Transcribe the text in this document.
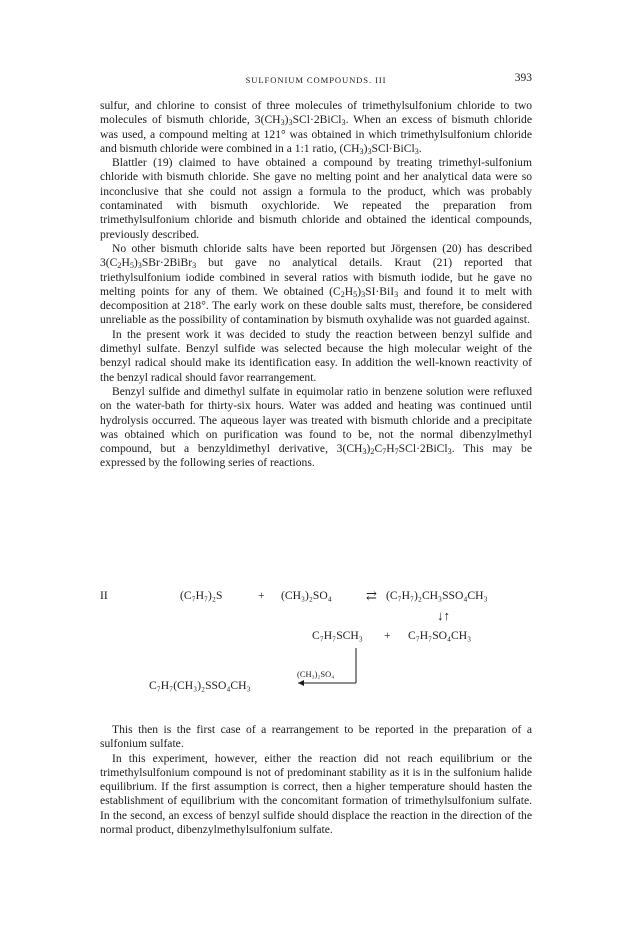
SULFONIUM COMPOUNDS. III	393

sulfur, and chlorine to consist of three molecules of trimethylsulfonium chloride to two molecules of bismuth chloride, $3(CH_3)_3SCl\cdot 2BiCl_3$. When an excess of bismuth chloride was used, a compound melting at 121° was obtained in which trimethylsulfonium chloride and bismuth chloride were combined in a 1:1 ratio, $(CH_3)_3SCl\cdot BiCl_3$.

Blattler (19) claimed to have obtained a compound by treating trimethyl-sulfonium chloride with bismuth chloride. She gave no melting point and her analytical data were so inconclusive that she could not assign a formula to the product, which was probably contaminated with bismuth oxychloride. We repeated the preparation from trimethylsulfonium chloride and bismuth chloride and obtained the identical compounds, previously described.

No other bismuth chloride salts have been reported but Jörgensen (20) has described $3(C_2H_5)_3SBr\cdot 2BiBr_3$ but gave no analytical details. Kraut (21) reported that triethylsulfonium iodide combined in several ratios with bismuth iodide, but he gave no melting points for any of them. We obtained $(C_2H_5)_3SI\cdot BiI_3$ and found it to melt with decomposition at 218°. The early work on these double salts must, therefore, be considered unreliable as the possibility of contamination by bismuth oxyhalide was not guarded against.

In the present work it was decided to study the reaction between benzyl sulfide and dimethyl sulfate. Benzyl sulfide was selected because the high molecular weight of the benzyl radical should make its identification easy. In addition the well-known reactivity of the benzyl radical should favor rearrangement.

Benzyl sulfide and dimethyl sulfate in equimolar ratio in benzene solution were refluxed on the water-bath for thirty-six hours. Water was added and heating was continued until hydrolysis occurred. The aqueous layer was treated with bismuth chloride and a precipitate was obtained which on purification was found to be, not the normal dibenzylmethyl compound, but a benzyldimethyl derivative, $3(CH_3)_2C_7H_7SCl\cdot 2BiCl_3$. This may be expressed by the following series of reactions.

II	(C₇H₇)₂S	+ (CH₃)₂SO₄	⇄ (C₇H₇)₂CH₃SSO₄CH₃
↓↑
C₇H₇SCH₃ + C₇H₇SO₄CH₃
(CH₃)₂SO₄
C₇H₇(CH₃)₂SSO₄CH₃

This then is the first case of a rearrangement to be reported in the preparation of a sulfonium sulfate.

In this experiment, however, either the reaction did not reach equilibrium or the trimethylsulfonium compound is not of predominant stability as it is in the sulfonium halide equilibrium. If the first assumption is correct, then a higher temperature should hasten the establishment of equilibrium with the concomitant formation of trimethylsulfonium sulfate. In the second, an excess of benzyl sulfide should displace the reaction in the direction of the normal product, dibenzylmethylsulfonium sulfate.
